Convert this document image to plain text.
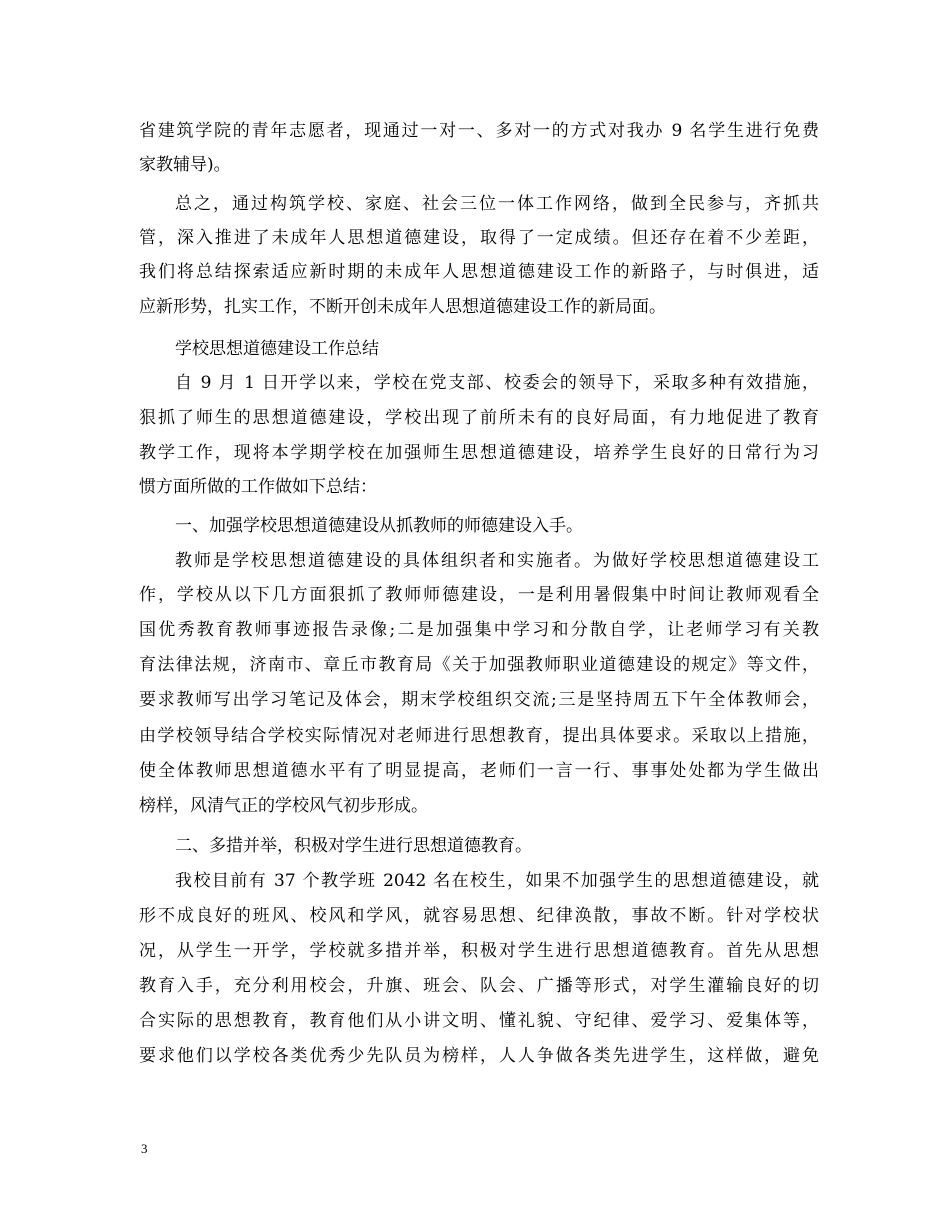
省建筑学院的青年志愿者，现通过一对一、多对一的方式对我办 9 名学生进行免费
家教辅导)。
总之，通过构筑学校、家庭、社会三位一体工作网络，做到全民参与，齐抓共
管，深入推进了未成年人思想道德建设，取得了一定成绩。但还存在着不少差距，
我们将总结探索适应新时期的未成年人思想道德建设工作的新路子，与时俱进，适
应新形势，扎实工作，不断开创未成年人思想道德建设工作的新局面。
学校思想道德建设工作总结
自 9 月 1 日开学以来，学校在党支部、校委会的领导下，采取多种有效措施，
狠抓了师生的思想道德建设，学校出现了前所未有的良好局面，有力地促进了教育
教学工作，现将本学期学校在加强师生思想道德建设，培养学生良好的日常行为习
惯方面所做的工作做如下总结：
一、加强学校思想道德建设从抓教师的师德建设入手。
教师是学校思想道德建设的具体组织者和实施者。为做好学校思想道德建设工
作，学校从以下几方面狠抓了教师师德建设，一是利用暑假集中时间让教师观看全
国优秀教育教师事迹报告录像;二是加强集中学习和分散自学，让老师学习有关教
育法律法规，济南市、章丘市教育局《关于加强教师职业道德建设的规定》等文件，
要求教师写出学习笔记及体会，期末学校组织交流;三是坚持周五下午全体教师会，
由学校领导结合学校实际情况对老师进行思想教育，提出具体要求。采取以上措施，
使全体教师思想道德水平有了明显提高，老师们一言一行、事事处处都为学生做出
榜样，风清气正的学校风气初步形成。
二、多措并举，积极对学生进行思想道德教育。
我校目前有 37 个教学班 2042 名在校生，如果不加强学生的思想道德建设，就
形不成良好的班风、校风和学风，就容易思想、纪律涣散，事故不断。针对学校状
况，从学生一开学，学校就多措并举，积极对学生进行思想道德教育。首先从思想
教育入手，充分利用校会，升旗、班会、队会、广播等形式，对学生灌输良好的切
合实际的思想教育，教育他们从小讲文明、懂礼貌、守纪律、爱学习、爱集体等，
要求他们以学校各类优秀少先队员为榜样，人人争做各类先进学生，这样做，避免
3
